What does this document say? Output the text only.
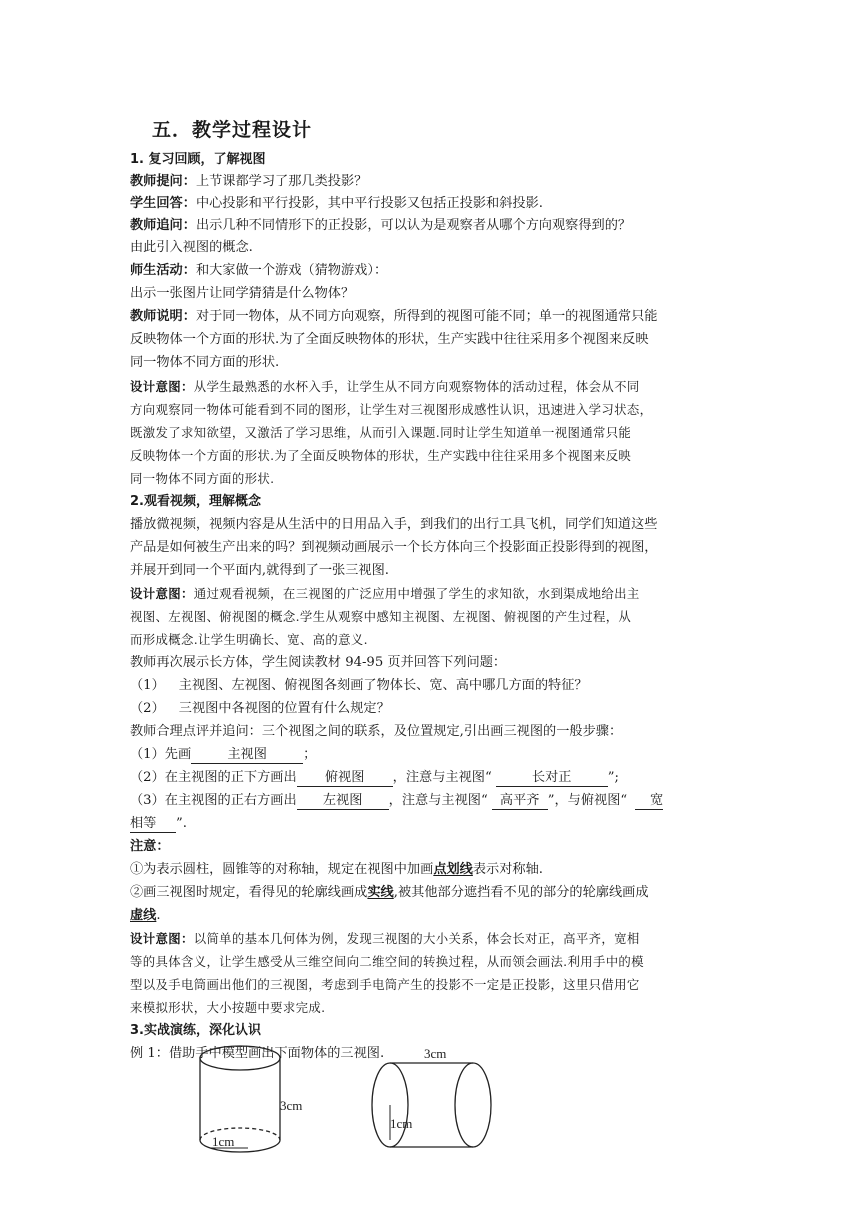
五．教学过程设计
1. 复习回顾，了解视图
教师提问：上节课都学习了那几类投影？
学生回答：中心投影和平行投影，其中平行投影又包括正投影和斜投影.
教师追问：出示几种不同情形下的正投影，可以认为是观察者从哪个方向观察得到的？
由此引入视图的概念.
师生活动：和大家做一个游戏（猜物游戏）：
出示一张图片让同学猜猜是什么物体？
教师说明：对于同一物体，从不同方向观察，所得到的视图可能不同；单一的视图通常只能
反映物体一个方面的形状.为了全面反映物体的形状，生产实践中往往采用多个视图来反映
同一物体不同方面的形状.
设计意图：从学生最熟悉的水杯入手，让学生从不同方向观察物体的活动过程，体会从不同
方向观察同一物体可能看到不同的图形，让学生对三视图形成感性认识，迅速进入学习状态，
既激发了求知欲望，又激活了学习思维，从而引入课题.同时让学生知道单一视图通常只能
反映物体一个方面的形状.为了全面反映物体的形状，生产实践中往往采用多个视图来反映
同一物体不同方面的形状.
2.观看视频，理解概念
播放微视频，视频内容是从生活中的日用品入手，到我们的出行工具飞机，同学们知道这些
产品是如何被生产出来的吗？到视频动画展示一个长方体向三个投影面正投影得到的视图，
并展开到同一个平面内,就得到了一张三视图.
设计意图：通过观看视频，在三视图的广泛应用中增强了学生的求知欲，水到渠成地给出主
视图、左视图、俯视图的概念.学生从观察中感知主视图、左视图、俯视图的产生过程，从
而形成概念.让学生明确长、宽、高的意义.
教师再次展示长方体，学生阅读教材 94-95 页并回答下列问题：
（1） 主视图、左视图、俯视图各刻画了物体长、宽、高中哪几方面的特征？
（2） 三视图中各视图的位置有什么规定？
教师合理点评并追问：三个视图之间的联系，及位置规定,引出画三视图的一般步骤：
（1）先画	主视图	；
（2）在主视图的正下方画出 俯视图 ，注意与主视图“	长对正	”;
（3）在主视图的正右方画出 左视图 ，注意与主视图“ 高平齐 ”，与俯视图“ 宽
相等 ”.
注意：
①为表示圆柱，圆锥等的对称轴，规定在视图中加画点划线表示对称轴.
②画三视图时规定，看得见的轮廓线画成实线,被其他部分遮挡看不见的部分的轮廓线画成
虚线.
设计意图：以简单的基本几何体为例，发现三视图的大小关系，体会长对正，高平齐，宽相
等的具体含义，让学生感受从三维空间向二维空间的转换过程，从而领会画法.利用手中的模
型以及手电筒画出他们的三视图，考虑到手电筒产生的投影不一定是正投影，这里只借用它
来模拟形状，大小按题中要求完成.
3.实战演练，深化认识
例 1：借助手中模型画出下面物体的三视图.
3cm
1cm
3cm
1cm
